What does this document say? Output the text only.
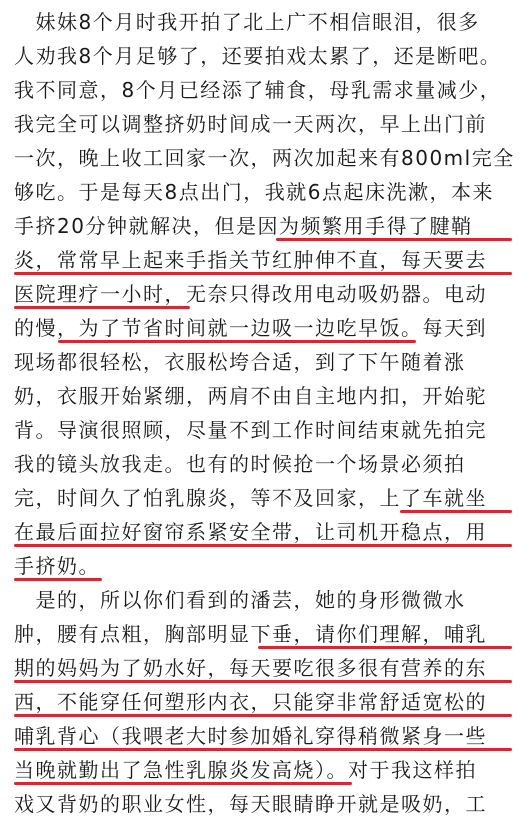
　妹妹8个月时我开拍了北上广不相信眼泪，很多
人劝我8个月足够了，还要拍戏太累了，还是断吧。
我不同意，8个月已经添了辅食，母乳需求量减少，
我完全可以调整挤奶时间成一天两次，早上出门前
一次，晚上收工回家一次，两次加起来有800ml完全
够吃。于是每天8点出门，我就6点起床洗漱，本来
手挤20分钟就解决，但是因为频繁用手得了腱鞘
炎，常常早上起来手指关节红肿伸不直，每天要去
医院理疗一小时，无奈只得改用电动吸奶器。电动
的慢，为了节省时间就一边吸一边吃早饭。每天到
现场都很轻松，衣服松垮合适，到了下午随着涨
奶，衣服开始紧绷，两肩不由自主地内扣，开始驼
背。导演很照顾，尽量不到工作时间结束就先拍完
我的镜头放我走。也有的时候抢一个场景必须拍
完，时间久了怕乳腺炎，等不及回家，上了车就坐
在最后面拉好窗帘系紧安全带，让司机开稳点，用
手挤奶。
　是的，所以你们看到的潘芸，她的身形微微水
肿，腰有点粗，胸部明显下垂，请你们理解，哺乳
期的妈妈为了奶水好，每天要吃很多很有营养的东
西，不能穿任何塑形内衣，只能穿非常舒适宽松的
哺乳背心（我喂老大时参加婚礼穿得稍微紧身一些
当晚就勤出了急性乳腺炎发高烧）。对于我这样拍
戏又背奶的职业女性，每天眼睛睁开就是吸奶，工
